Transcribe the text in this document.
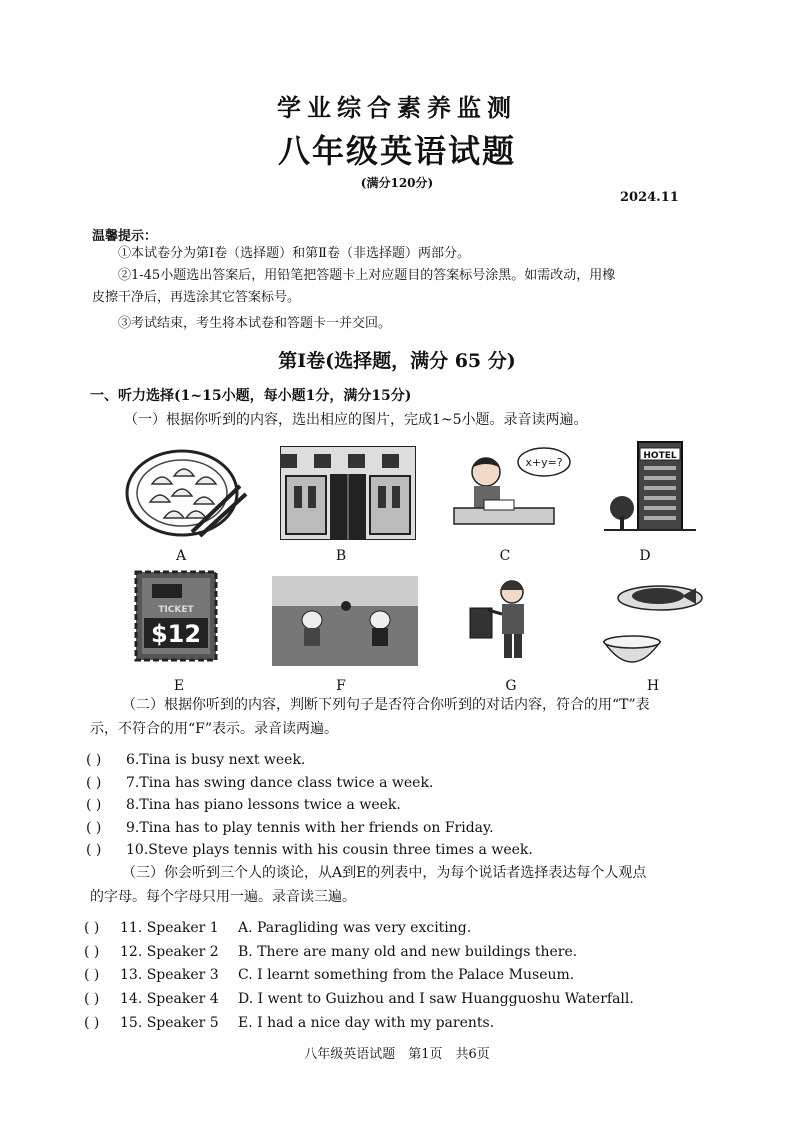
学业综合素养监测
八年级英语试题
(满分120分)
2024.11
温馨提示：
①本试卷分为第Ⅰ卷（选择题）和第Ⅱ卷（非选择题）两部分。
②1-45小题选出答案后，用铅笔把答题卡上对应题目的答案标号涂黑。如需改动，用橡
皮擦干净后，再选涂其它答案标号。
③考试结束，考生将本试卷和答题卡一并交回。
第Ⅰ卷(选择题，满分 65 分)
一、听力选择(1~15小题，每小题1分，满分15分)
（一）根据你听到的内容，选出相应的图片，完成1~5小题。录音读两遍。
A	B
x+y=?
C
HOTEL
D
TICKET
$12
E	F	G	H
（二）根据你听到的内容，判断下列句子是否符合你听到的对话内容，符合的用“T”表
示，不符合的用“F”表示。录音读两遍。
( ) 6.Tina is busy next week.
( ) 7.Tina has swing dance class twice a week.
( ) 8.Tina has piano lessons twice a week.
( ) 9.Tina has to play tennis with her friends on Friday.
( ) 10.Steve plays tennis with his cousin three times a week.
（三）你会听到三个人的谈论，从A到E的列表中，为每个说话者选择表达每个人观点
的字母。每个字母只用一遍。录音读三遍。
( ) 11. Speaker 1 A. Paragliding was very exciting.
( ) 12. Speaker 2 B. There are many old and new buildings there.
( ) 13. Speaker 3 C. I learnt something from the Palace Museum.
( ) 14. Speaker 4 D. I went to Guizhou and I saw Huangguoshu Waterfall.
( ) 15. Speaker 5 E. I had a nice day with my parents.
八年级英语试题　第1页　共6页
